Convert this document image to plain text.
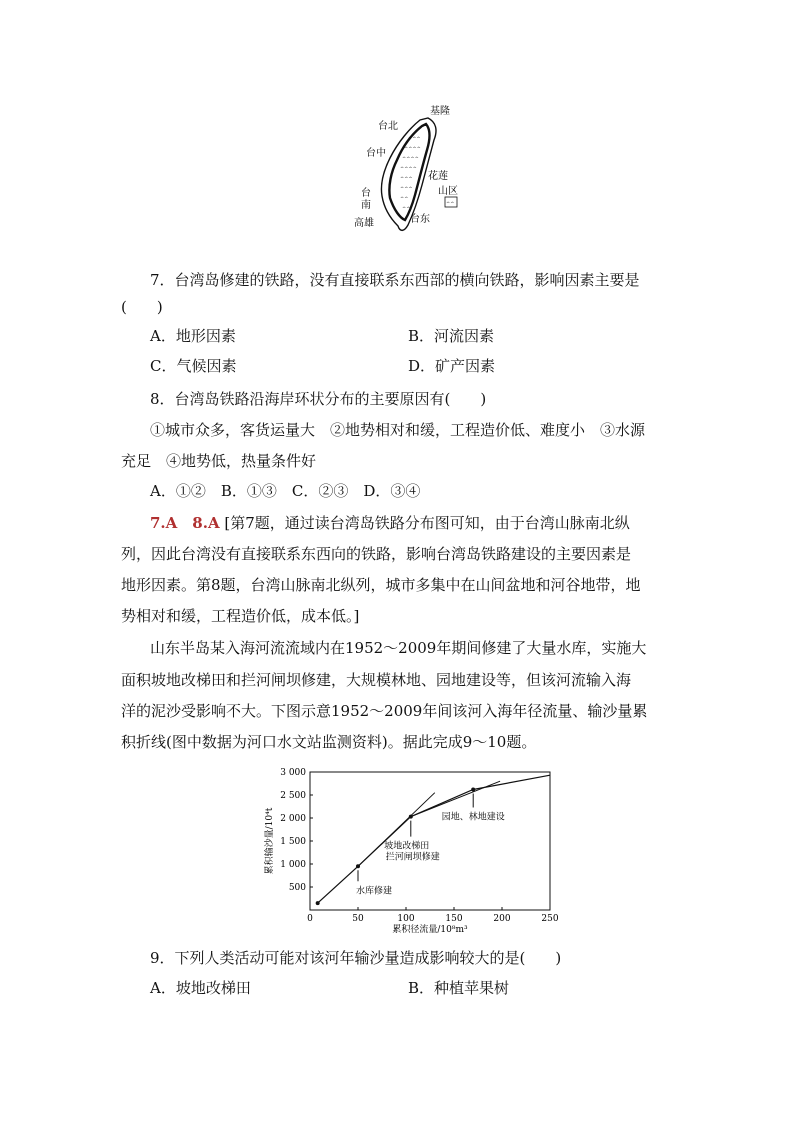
^^^
^^^^
^^^^
^^^^
^^^
^^^
^^
^^
^^
基隆
台北
台中
花莲
山区
台
南
高雄	台东
7．台湾岛修建的铁路，没有直接联系东西部的横向铁路，影响因素主要是
(　　)
A．地形因素	B．河流因素
C．气候因素	D．矿产因素
8．台湾岛铁路沿海岸环状分布的主要原因有(　　)
①城市众多，客货运量大　②地势相对和缓，工程造价低、难度小　③水源
充足　④地势低，热量条件好
A．①②　B．①③　C．②③　D．③④
7.A　8.A [第7题，通过读台湾岛铁路分布图可知，由于台湾山脉南北纵
列，因此台湾没有直接联系东西向的铁路，影响台湾岛铁路建设的主要因素是
地形因素。第8题，台湾山脉南北纵列，城市多集中在山间盆地和河谷地带，地
势相对和缓，工程造价低，成本低。]
山东半岛某入海河流流域内在1952～2009年期间修建了大量水库，实施大
面积坡地改梯田和拦河闸坝修建，大规模林地、园地建设等，但该河流输入海
洋的泥沙受影响不大。下图示意1952～2009年间该河入海年径流量、输沙量累
积折线(图中数据为河口水文站监测资料)。据此完成9～10题。
0	50	100	150	200	250
500
1 000
1 500
2 000
2 500
3 000
累积径流量/10⁸m³
累积输沙量/10⁴t
水库修建
坡地改梯田
拦河闸坝修建
园地、林地建设
9．下列人类活动可能对该河年输沙量造成影响较大的是(　　)
A．坡地改梯田	B．种植苹果树
